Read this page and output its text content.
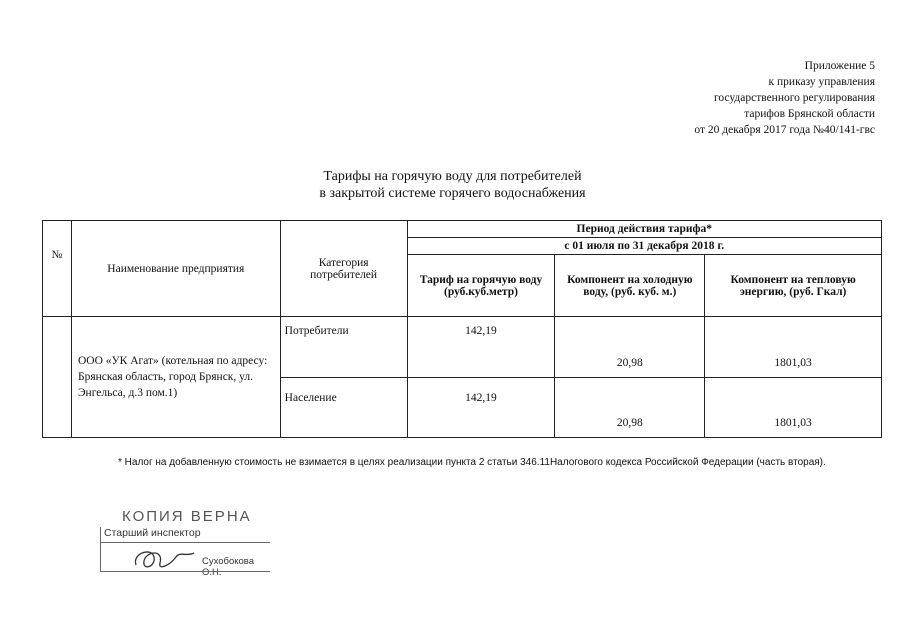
Приложение 5
к приказу управления
государственного регулирования
тарифов Брянской области
от 20 декабря 2017 года №40/141-гвс
Тарифы на горячую воду для потребителей
в закрытой системе горячего водоснабжения
№	Наименование предприятия	Категория потребителей	Период действия тарифа*		
			с 01 июля по 31 декабря 2018 г.		
			Тариф на горячую воду (руб.куб.метр)	Компонент на холодную воду, (руб. куб. м.)	Компонент на тепловую энергию, (руб. Гкал)
	ООО «УК Агат» (котельная по адресу: Брянская область, город Брянск, ул. Энгельса, д.3 пом.1)	Потребители	142,19	20,98	1801,03
		Население	142,19	20,98	1801,03
* Налог на добавленную стоимость не взимается в целях реализации пункта 2 статьи 346.11Налогового кодекса Российской Федерации (часть вторая).
КОПИЯ ВЕРНА
Старший инспектор
Сухобокова О.Н.
